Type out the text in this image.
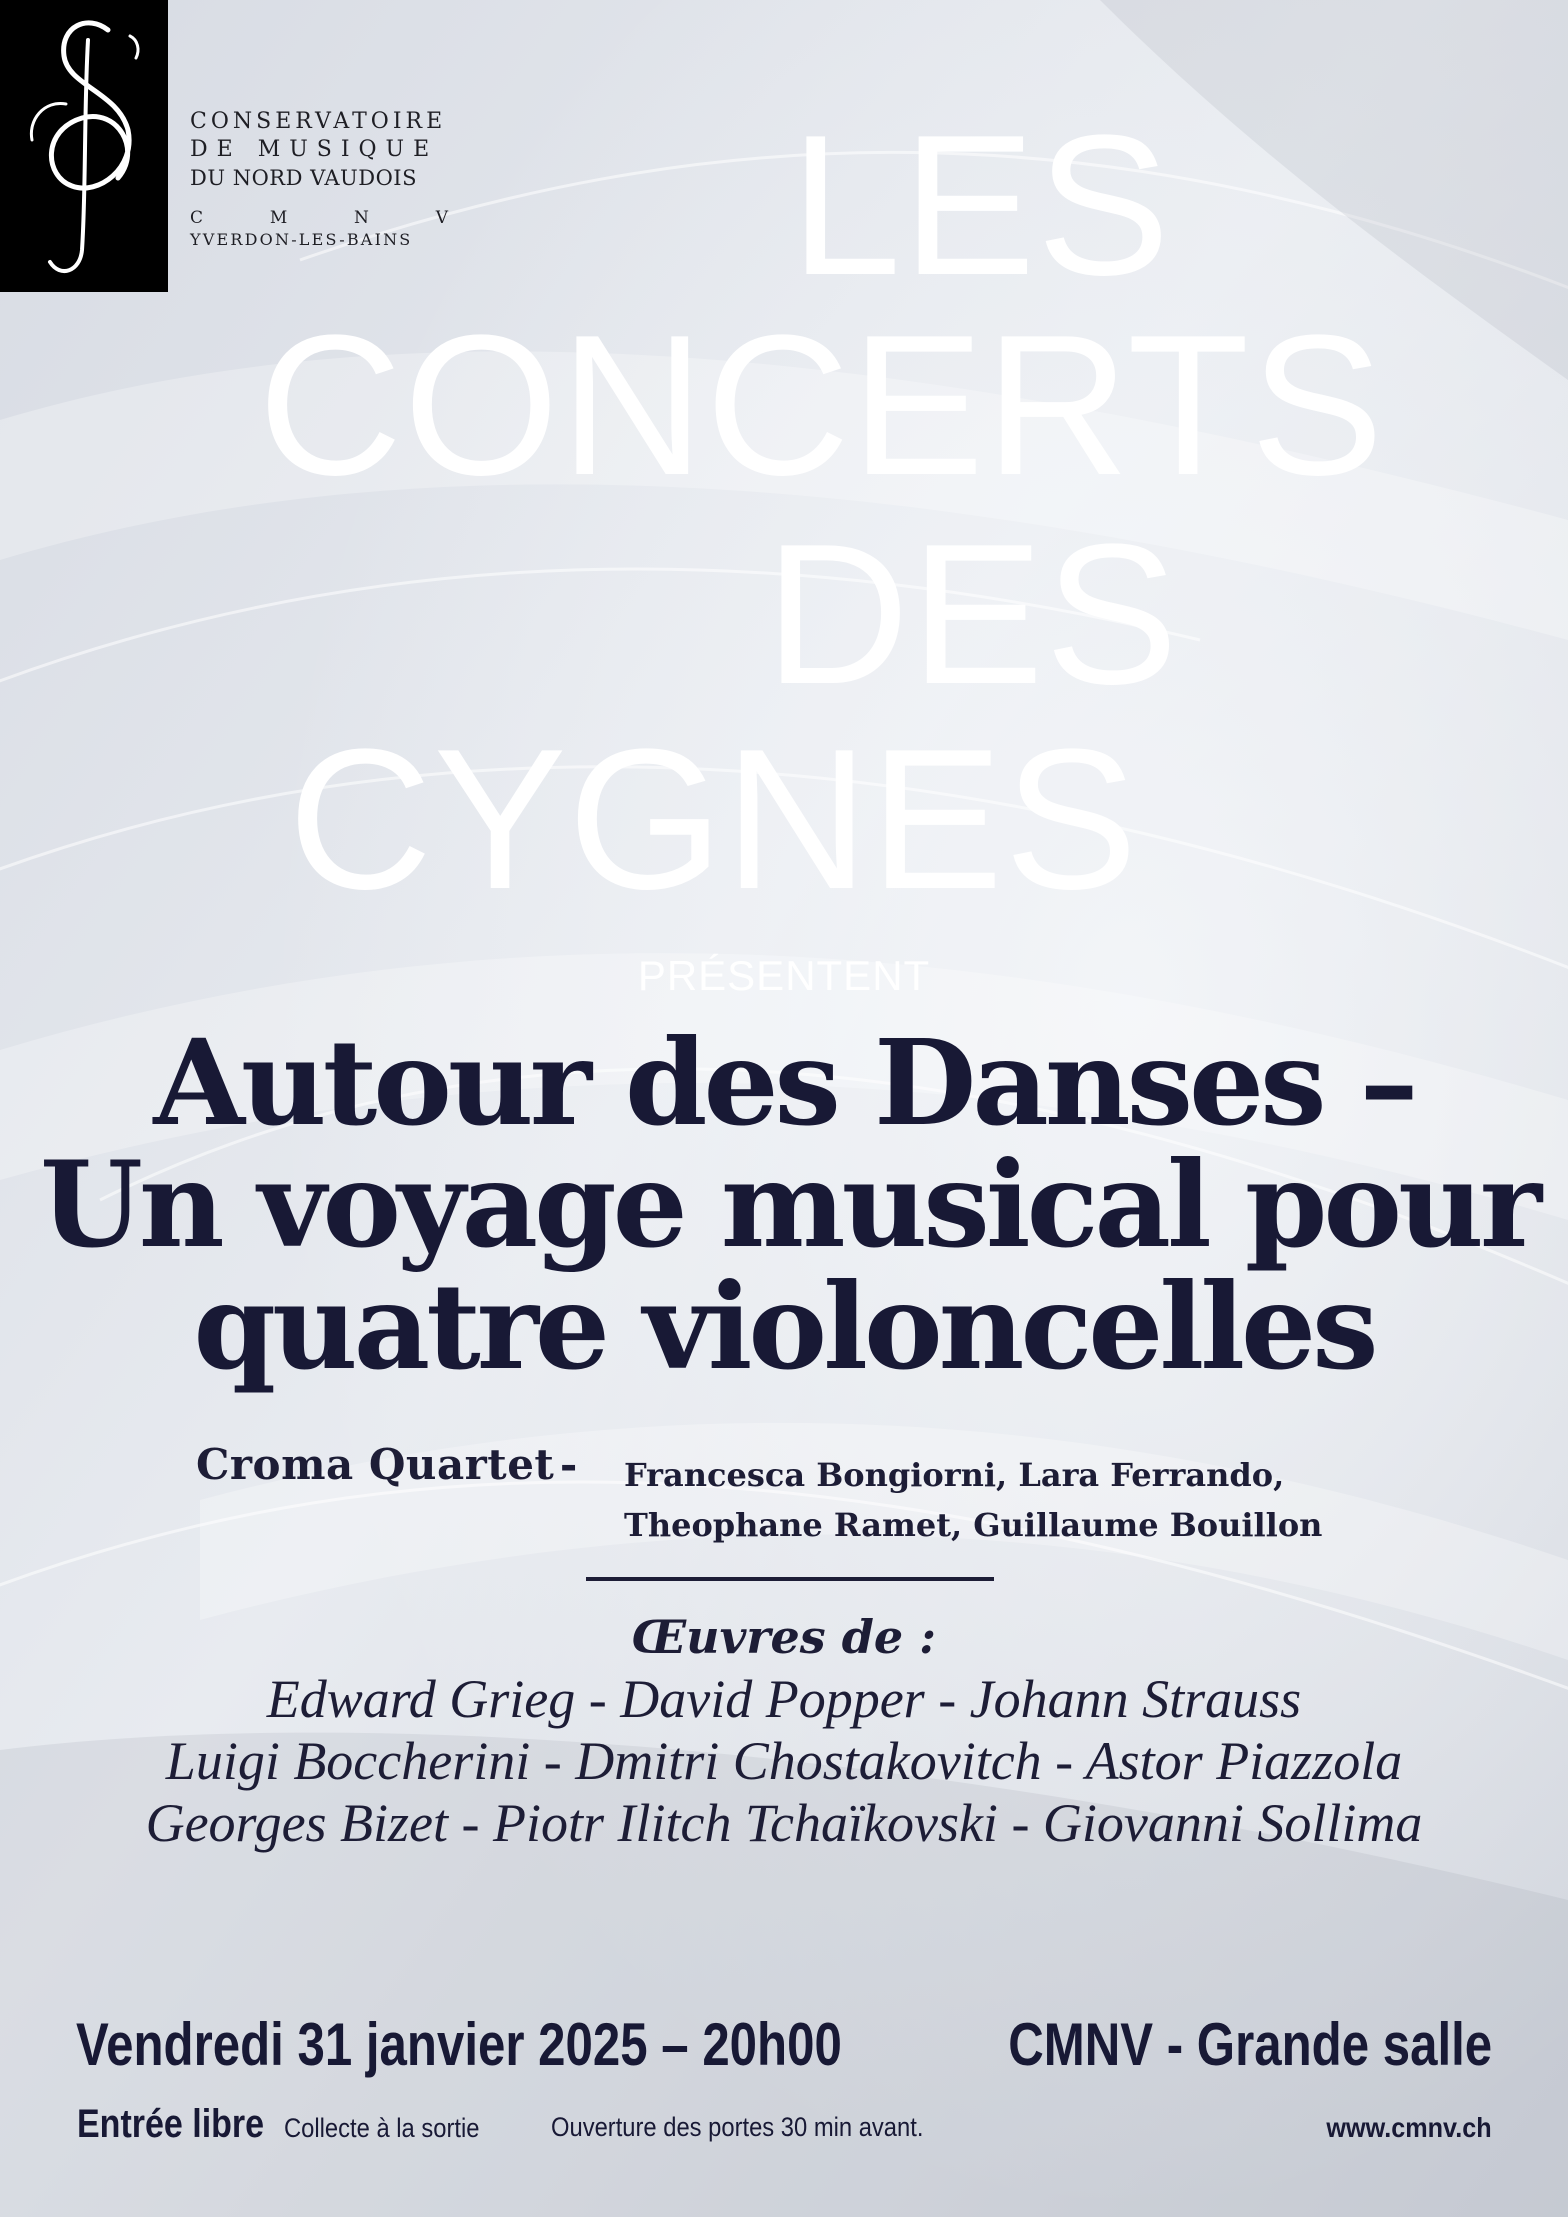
CONSERVATOIRE
DE MUSIQUE
DU NORD VAUDOIS
C	M	N	V
YVERDON-LES-BAINS LES
CONCERTS
DES
CYGNES
PRÉSENTENT
Autour des Danses –
Un voyage musical pour
quatre violoncelles
Croma Quartet - Francesca Bongiorni, Lara Ferrando,
Theophane Ramet, Guillaume Bouillon
Œuvres de :
Edward Grieg - David Popper - Johann Strauss
Luigi Boccherini - Dmitri Chostakovitch - Astor Piazzola
Georges Bizet - Piotr Ilitch Tchaïkovski - Giovanni Sollima
Vendredi 31 janvier 2025 – 20h00	CMNV - Grande salle
Entrée libre Collecte à la sortie	Ouverture des portes 30 min avant.	www.cmnv.ch
